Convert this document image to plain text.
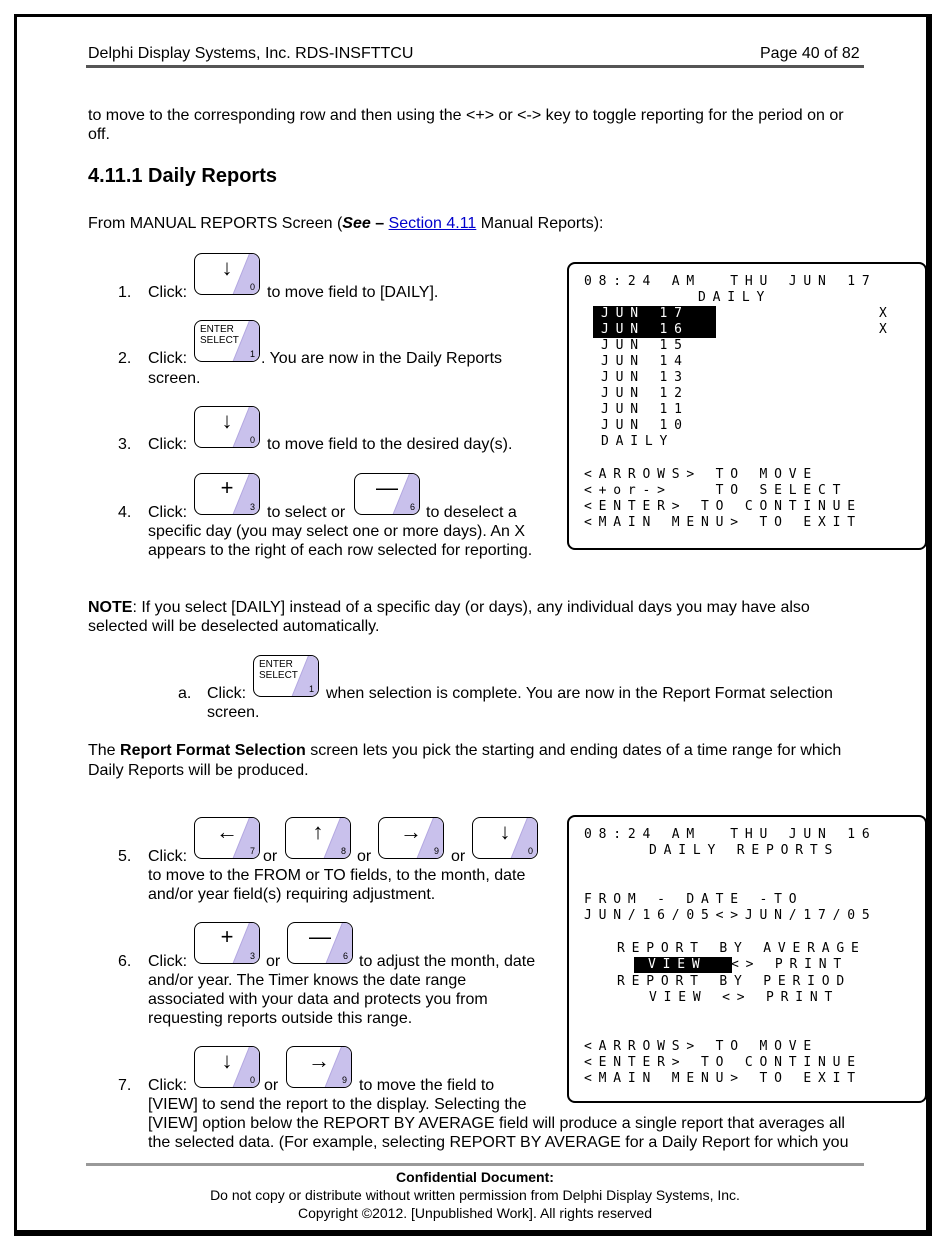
Delphi Display Systems, Inc. RDS-INSFTTCU	Page 40 of 82
to move to the corresponding row and then using the <+> or <-> key to toggle reporting for the period on or off.
4.11.1 Daily Reports
From MANUAL REPORTS Screen (See – Section 4.11 Manual Reports):
1. Click:
↓
0 to move field to [DAILY].
2. Click:
ENTER
SELECT
1 . You are now in the Daily Reports
screen.
3. Click:
↓
0 to move field to the desired day(s).
4. Click:
+
3 to select or
—
6 to deselect a
specific day (you may select one or more days). An X
appears to the right of each row selected for reporting.
08:24 AM  THU JUN 17
DAILY
JUN 17
JUN 16
X
X
JUN 15
JUN 14
JUN 13
JUN 12
JUN 11
JUN 10
DAILY
<ARROWS> TO MOVE
<+or->   TO SELECT
<ENTER> TO CONTINUE
<MAIN MENU> TO EXIT
NOTE: If you select [DAILY] instead of a specific day (or days), any individual days you may have also
selected will be deselected automatically.
a. Click:
ENTER
SELECT
1 when selection is complete. You are now in the Report Format selection
screen.
The Report Format Selection screen lets you pick the starting and ending dates of a time range for which
Daily Reports will be produced.
5. Click:
←
7 or
↑
8 or
→
9 or
↓
0
to move to the FROM or TO fields, to the month, date
and/or year field(s) requiring adjustment.
6. Click:
+
3 or
—
6 to adjust the month, date
and/or year. The Timer knows the date range
associated with your data and protects you from
requesting reports outside this range.
7. Click:
↓
0 or
→
9 to move the field to
[VIEW] to send the report to the display. Selecting the
[VIEW] option below the REPORT BY AVERAGE field will produce a single report that averages all
the selected data. (For example, selecting REPORT BY AVERAGE for a Daily Report for which you
08:24 AM  THU JUN 16
DAILY REPORTS
FROM - DATE -TO
JUN/16/05<>JUN/17/05
REPORT BY AVERAGE
VIEW	<> PRINT
REPORT BY PERIOD
VIEW <> PRINT
<ARROWS> TO MOVE
<ENTER> TO CONTINUE
<MAIN MENU> TO EXIT
Confidential Document:
Do not copy or distribute without written permission from Delphi Display Systems, Inc.
Copyright ©2012. [Unpublished Work]. All rights reserved
